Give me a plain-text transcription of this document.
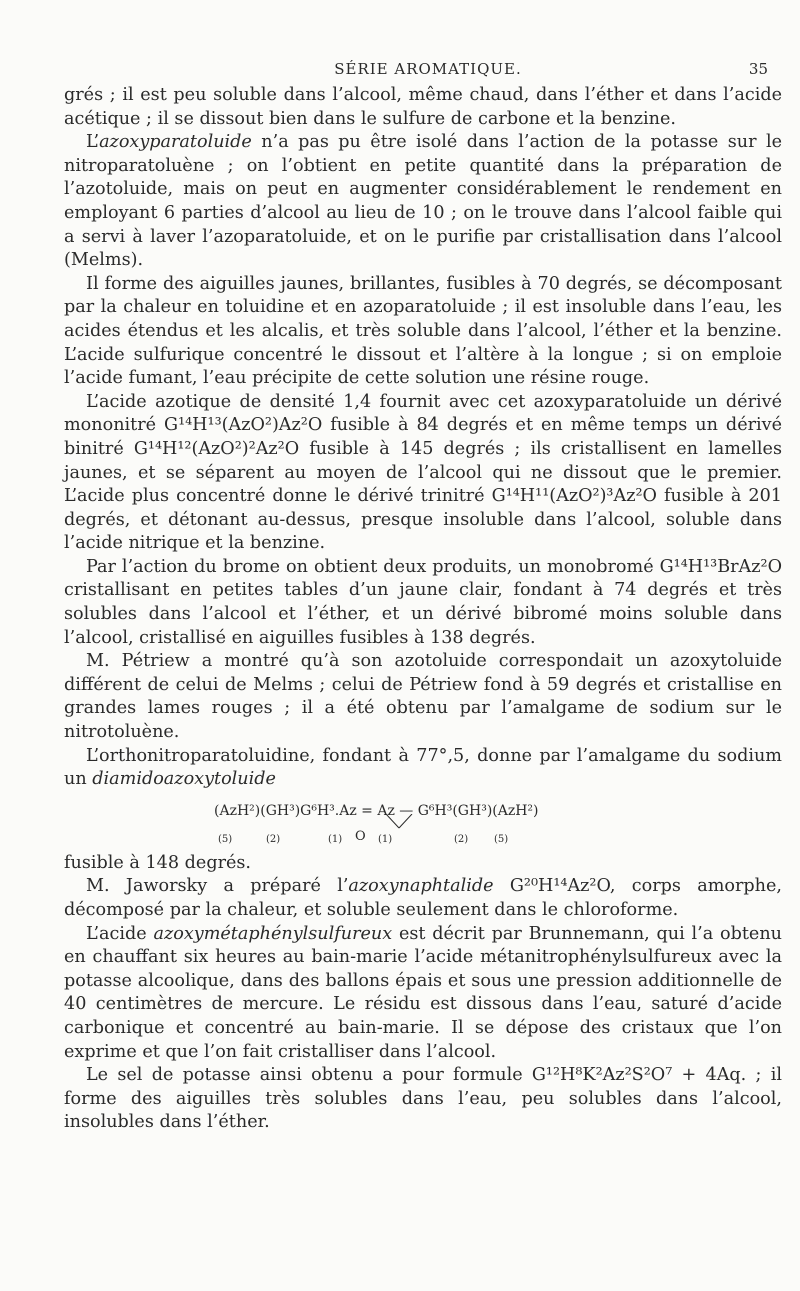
SÉRIE AROMATIQUE.	35

grés ; il est peu soluble dans l’alcool, même chaud, dans l’éther et dans l’acide acétique ; il se dissout bien dans le sulfure de carbone et la benzine.

L’azoxyparatoluide n’a pas pu être isolé dans l’action de la potasse sur le nitroparatoluène ; on l’obtient en petite quantité dans la préparation de l’azotoluide, mais on peut en augmenter considérablement le rendement en employant 6 parties d’alcool au lieu de 10 ; on le trouve dans l’alcool faible qui a servi à laver l’azoparatoluide, et on le purifie par cristallisation dans l’alcool (Melms).

Il forme des aiguilles jaunes, brillantes, fusibles à 70 degrés, se décomposant par la chaleur en toluidine et en azoparatoluide ; il est insoluble dans l’eau, les acides étendus et les alcalis, et très soluble dans l’alcool, l’éther et la benzine. L’acide sulfurique concentré le dissout et l’altère à la longue ; si on emploie l’acide fumant, l’eau précipite de cette solution une résine rouge.

L’acide azotique de densité 1,4 fournit avec cet azoxyparatoluide un dérivé mononitré G¹⁴H¹³(AzO²)Az²O fusible à 84 degrés et en même temps un dérivé binitré G¹⁴H¹²(AzO²)²Az²O fusible à 145 degrés ; ils cristallisent en lamelles jaunes, et se séparent au moyen de l’alcool qui ne dissout que le premier. L’acide plus concentré donne le dérivé trinitré G¹⁴H¹¹(AzO²)³Az²O fusible à 201 degrés, et détonant au-dessus, presque insoluble dans l’alcool, soluble dans l’acide nitrique et la benzine.

Par l’action du brome on obtient deux produits, un monobromé G¹⁴H¹³BrAz²O cristallisant en petites tables d’un jaune clair, fondant à 74 degrés et très solubles dans l’alcool et l’éther, et un dérivé bibromé moins soluble dans l’alcool, cristallisé en aiguilles fusibles à 138 degrés.

M. Pétriew a montré qu’à son azotoluide correspondait un azoxytoluide différent de celui de Melms ; celui de Pétriew fond à 59 degrés et cristallise en grandes lames rouges ; il a été obtenu par l’amalgame de sodium sur le nitrotoluène.

L’orthonitroparatoluidine, fondant à 77°,5, donne par l’amalgame du sodium un diamidoazoxytoluide

(AzH²)(GH³)G⁶H³.Az = Az — G⁶H³(GH³)(AzH²)
(5)	(2)	(1) O (1)	(2)	(5)

fusible à 148 degrés.

M. Jaworsky a préparé l’azoxynaphtalide G²⁰H¹⁴Az²O, corps amorphe, décomposé par la chaleur, et soluble seulement dans le chloroforme.

L’acide azoxymétaphénylsulfureux est décrit par Brunnemann, qui l’a obtenu en chauffant six heures au bain-marie l’acide métanitrophénylsulfureux avec la potasse alcoolique, dans des ballons épais et sous une pression additionnelle de 40 centimètres de mercure. Le résidu est dissous dans l’eau, saturé d’acide carbonique et concentré au bain-marie. Il se dépose des cristaux que l’on exprime et que l’on fait cristalliser dans l’alcool.

Le sel de potasse ainsi obtenu a pour formule G¹²H⁸K²Az²S²O⁷ + 4Aq. ; il forme des aiguilles très solubles dans l’eau, peu solubles dans l’alcool, insolubles dans l’éther.
